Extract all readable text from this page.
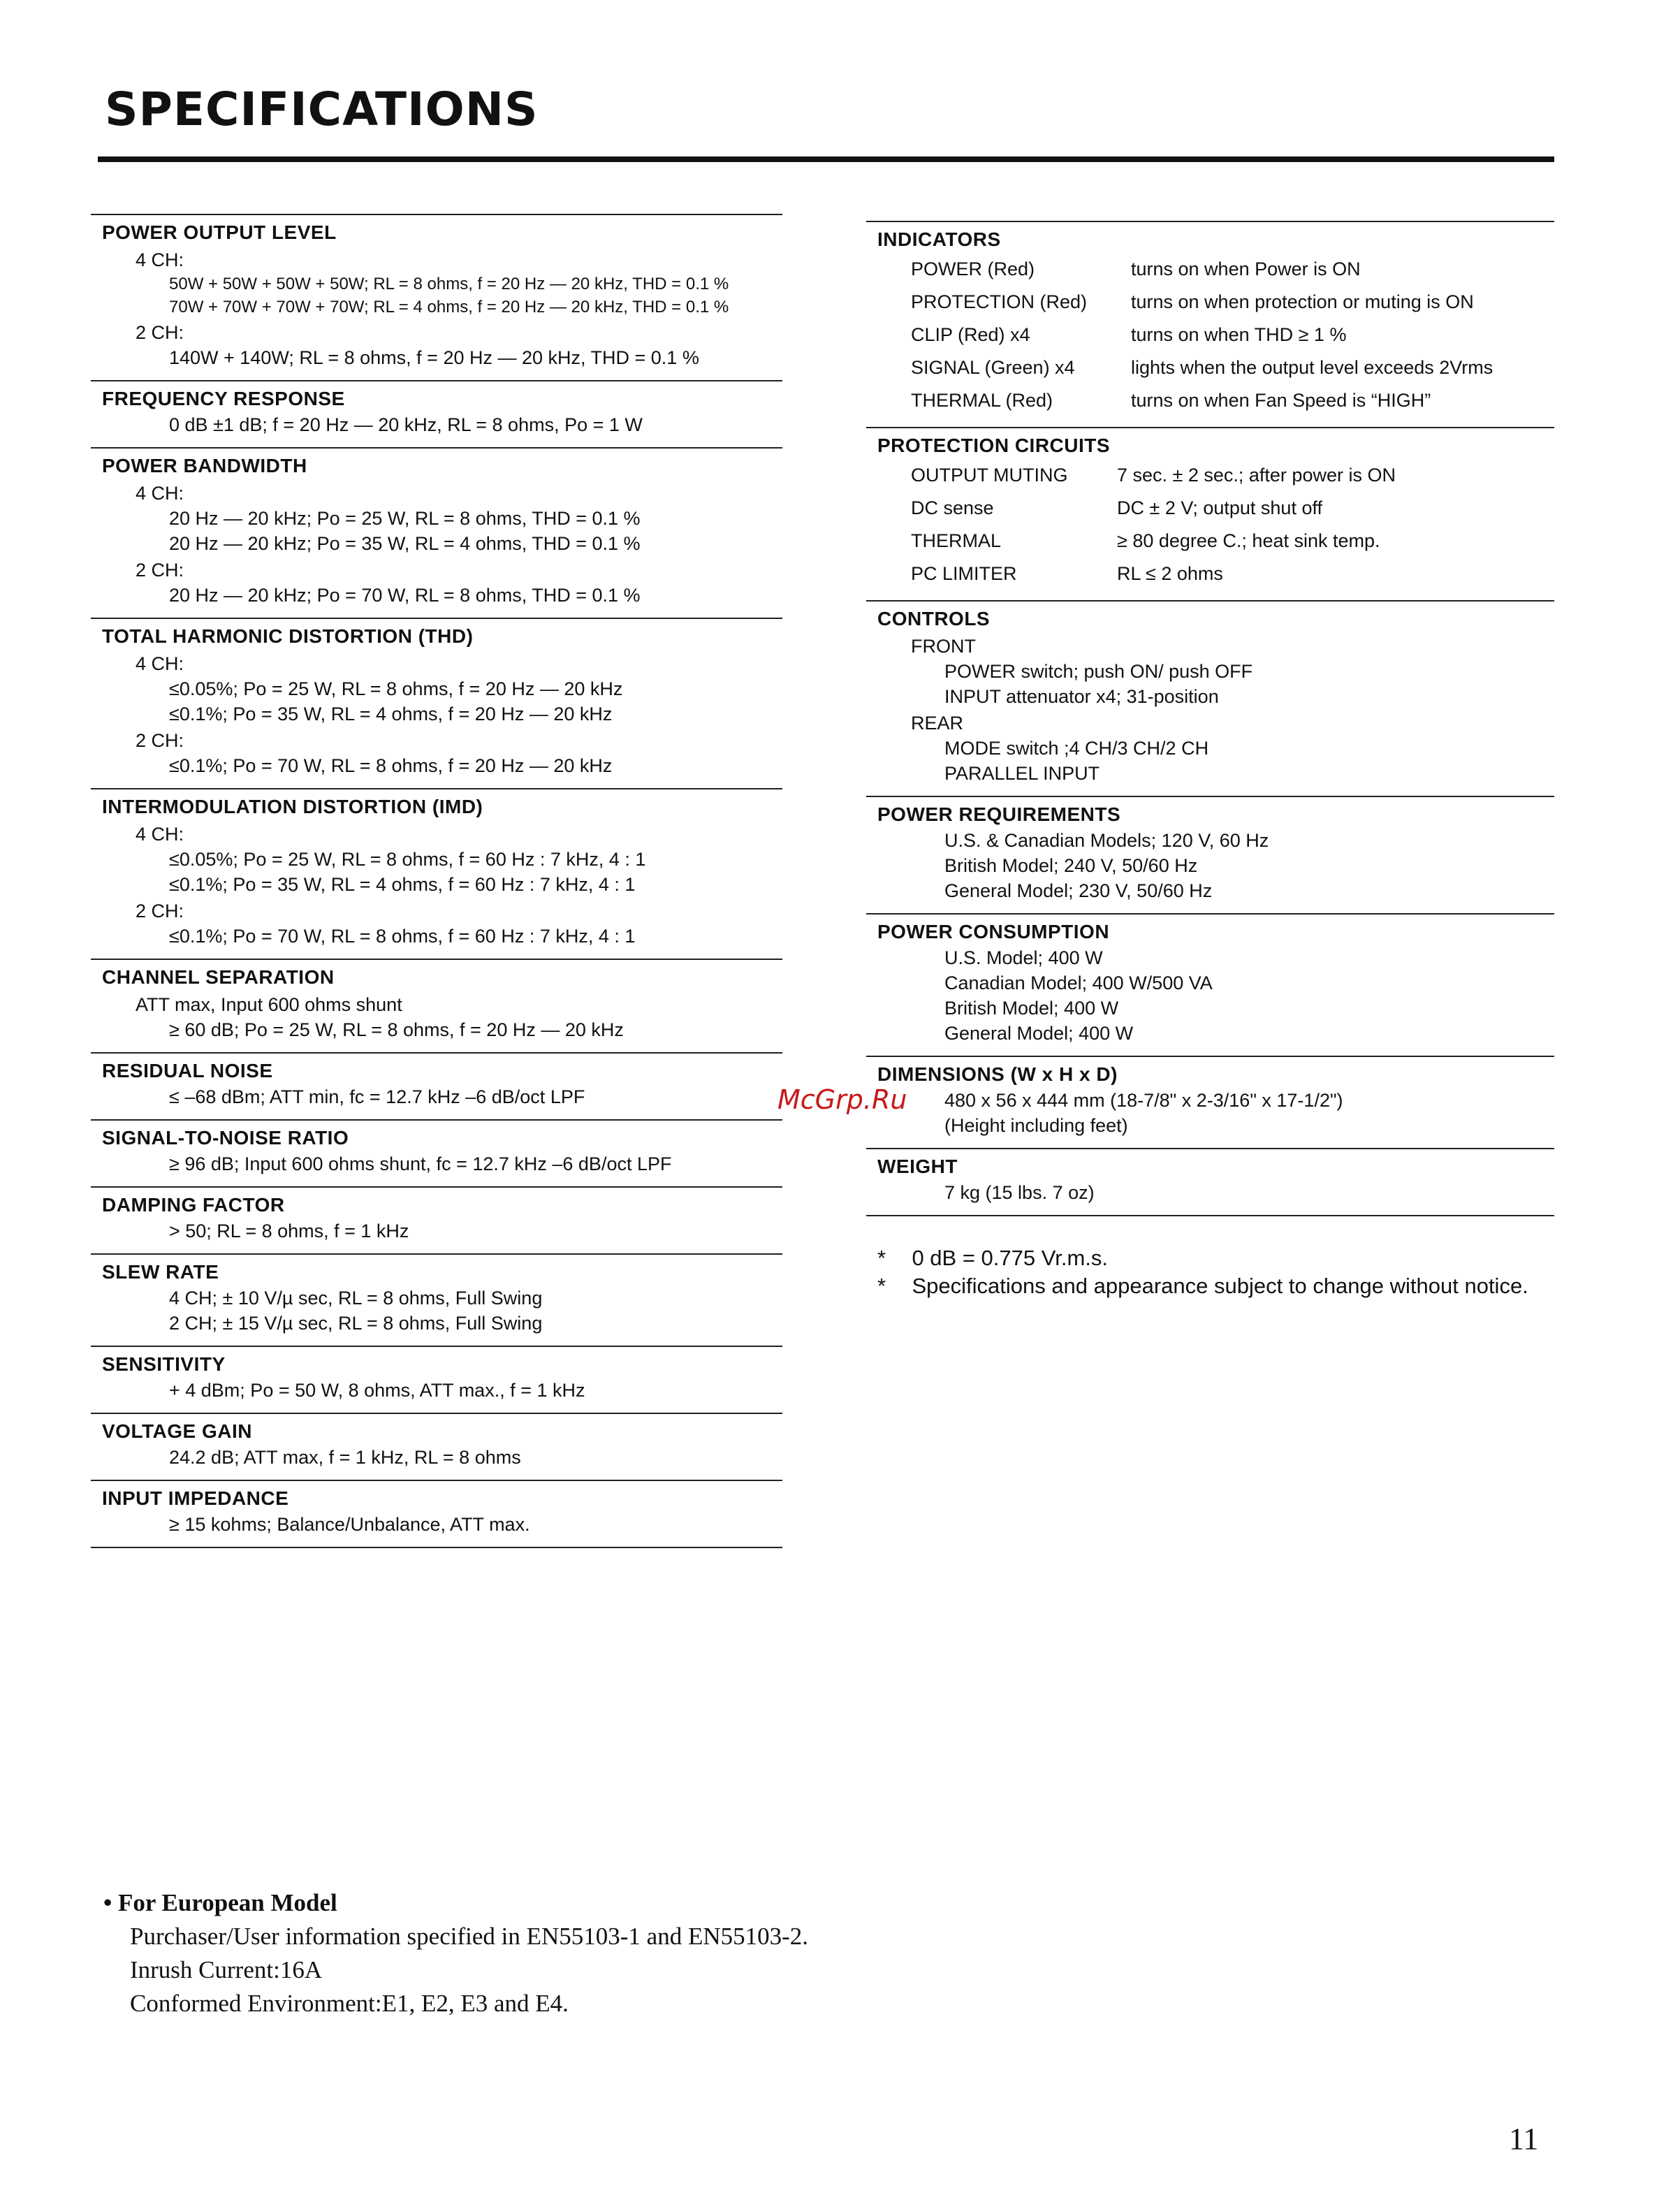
SPECIFICATIONS
POWER OUTPUT LEVEL
4 CH:
50W + 50W + 50W + 50W; RL = 8 ohms, f = 20 Hz — 20 kHz, THD = 0.1 %
70W + 70W + 70W + 70W; RL = 4 ohms, f = 20 Hz — 20 kHz, THD = 0.1 %
2 CH:
140W + 140W; RL = 8 ohms, f = 20 Hz — 20 kHz, THD = 0.1 %
FREQUENCY RESPONSE
0 dB ±1 dB; f = 20 Hz — 20 kHz, RL = 8 ohms, Po = 1 W
POWER BANDWIDTH
4 CH:
20 Hz — 20 kHz; Po = 25 W, RL = 8 ohms, THD = 0.1 %
20 Hz — 20 kHz; Po = 35 W, RL = 4 ohms, THD = 0.1 %
2 CH:
20 Hz — 20 kHz; Po = 70 W, RL = 8 ohms, THD = 0.1 %
TOTAL HARMONIC DISTORTION (THD)
4 CH:
≤0.05%; Po = 25 W, RL = 8 ohms, f = 20 Hz — 20 kHz
≤0.1%; Po = 35 W, RL = 4 ohms, f = 20 Hz — 20 kHz
2 CH:
≤0.1%; Po = 70 W, RL = 8 ohms, f = 20 Hz — 20 kHz
INTERMODULATION DISTORTION (IMD)
4 CH:
≤0.05%; Po = 25 W, RL = 8 ohms, f = 60 Hz : 7 kHz, 4 : 1
≤0.1%; Po = 35 W, RL = 4 ohms, f = 60 Hz : 7 kHz, 4 : 1
2 CH:
≤0.1%; Po = 70 W, RL = 8 ohms, f = 60 Hz : 7 kHz, 4 : 1
CHANNEL SEPARATION
ATT max, Input 600 ohms shunt
≥ 60 dB; Po = 25 W, RL = 8 ohms, f = 20 Hz — 20 kHz
RESIDUAL NOISE
≤ –68 dBm; ATT min, fc = 12.7 kHz –6 dB/oct LPF
SIGNAL-TO-NOISE RATIO
≥ 96 dB; Input 600 ohms shunt, fc = 12.7 kHz –6 dB/oct LPF
DAMPING FACTOR
> 50; RL = 8 ohms, f = 1 kHz
SLEW RATE
4 CH; ± 10 V/µ sec, RL = 8 ohms, Full Swing
2 CH; ± 15 V/µ sec, RL = 8 ohms, Full Swing
SENSITIVITY
+ 4 dBm; Po = 50 W, 8 ohms, ATT max., f = 1 kHz
VOLTAGE GAIN
24.2 dB; ATT max, f = 1 kHz, RL = 8 ohms
INPUT IMPEDANCE
≥ 15 kohms; Balance/Unbalance, ATT max.
INDICATORS
POWER (Red)	turns on when Power is ON
PROTECTION (Red)	turns on when protection or muting is ON
CLIP (Red) x4	turns on when THD ≥ 1 %
SIGNAL (Green) x4	lights when the output level exceeds 2Vrms
THERMAL (Red)	turns on when Fan Speed is “HIGH”
PROTECTION CIRCUITS
OUTPUT MUTING	7 sec. ± 2 sec.; after power is ON
DC sense	DC ± 2 V; output shut off
THERMAL	≥ 80 degree C.; heat sink temp.
PC LIMITER	RL ≤ 2 ohms
CONTROLS
FRONT
POWER switch; push ON/ push OFF
INPUT attenuator x4; 31-position
REAR
MODE switch ;4 CH/3 CH/2 CH
PARALLEL INPUT
POWER REQUIREMENTS
U.S. & Canadian Models; 120 V, 60 Hz
British Model; 240 V, 50/60 Hz
General Model; 230 V, 50/60 Hz
POWER CONSUMPTION
U.S. Model; 400 W
Canadian Model; 400 W/500 VA
British Model; 400 W
General Model; 400 W
DIMENSIONS (W x H x D)
480 x 56 x 444 mm (18-7/8" x 2-3/16" x 17-1/2")
(Height including feet)
WEIGHT
7 kg (15 lbs. 7 oz)
*	0 dB = 0.775 Vr.m.s.
*	Specifications and appearance subject to change without notice.
McGrp.Ru
• For European Model
Purchaser/User information specified in EN55103-1 and EN55103-2.
Inrush Current:16A
Conformed Environment:E1, E2, E3 and E4.
11
